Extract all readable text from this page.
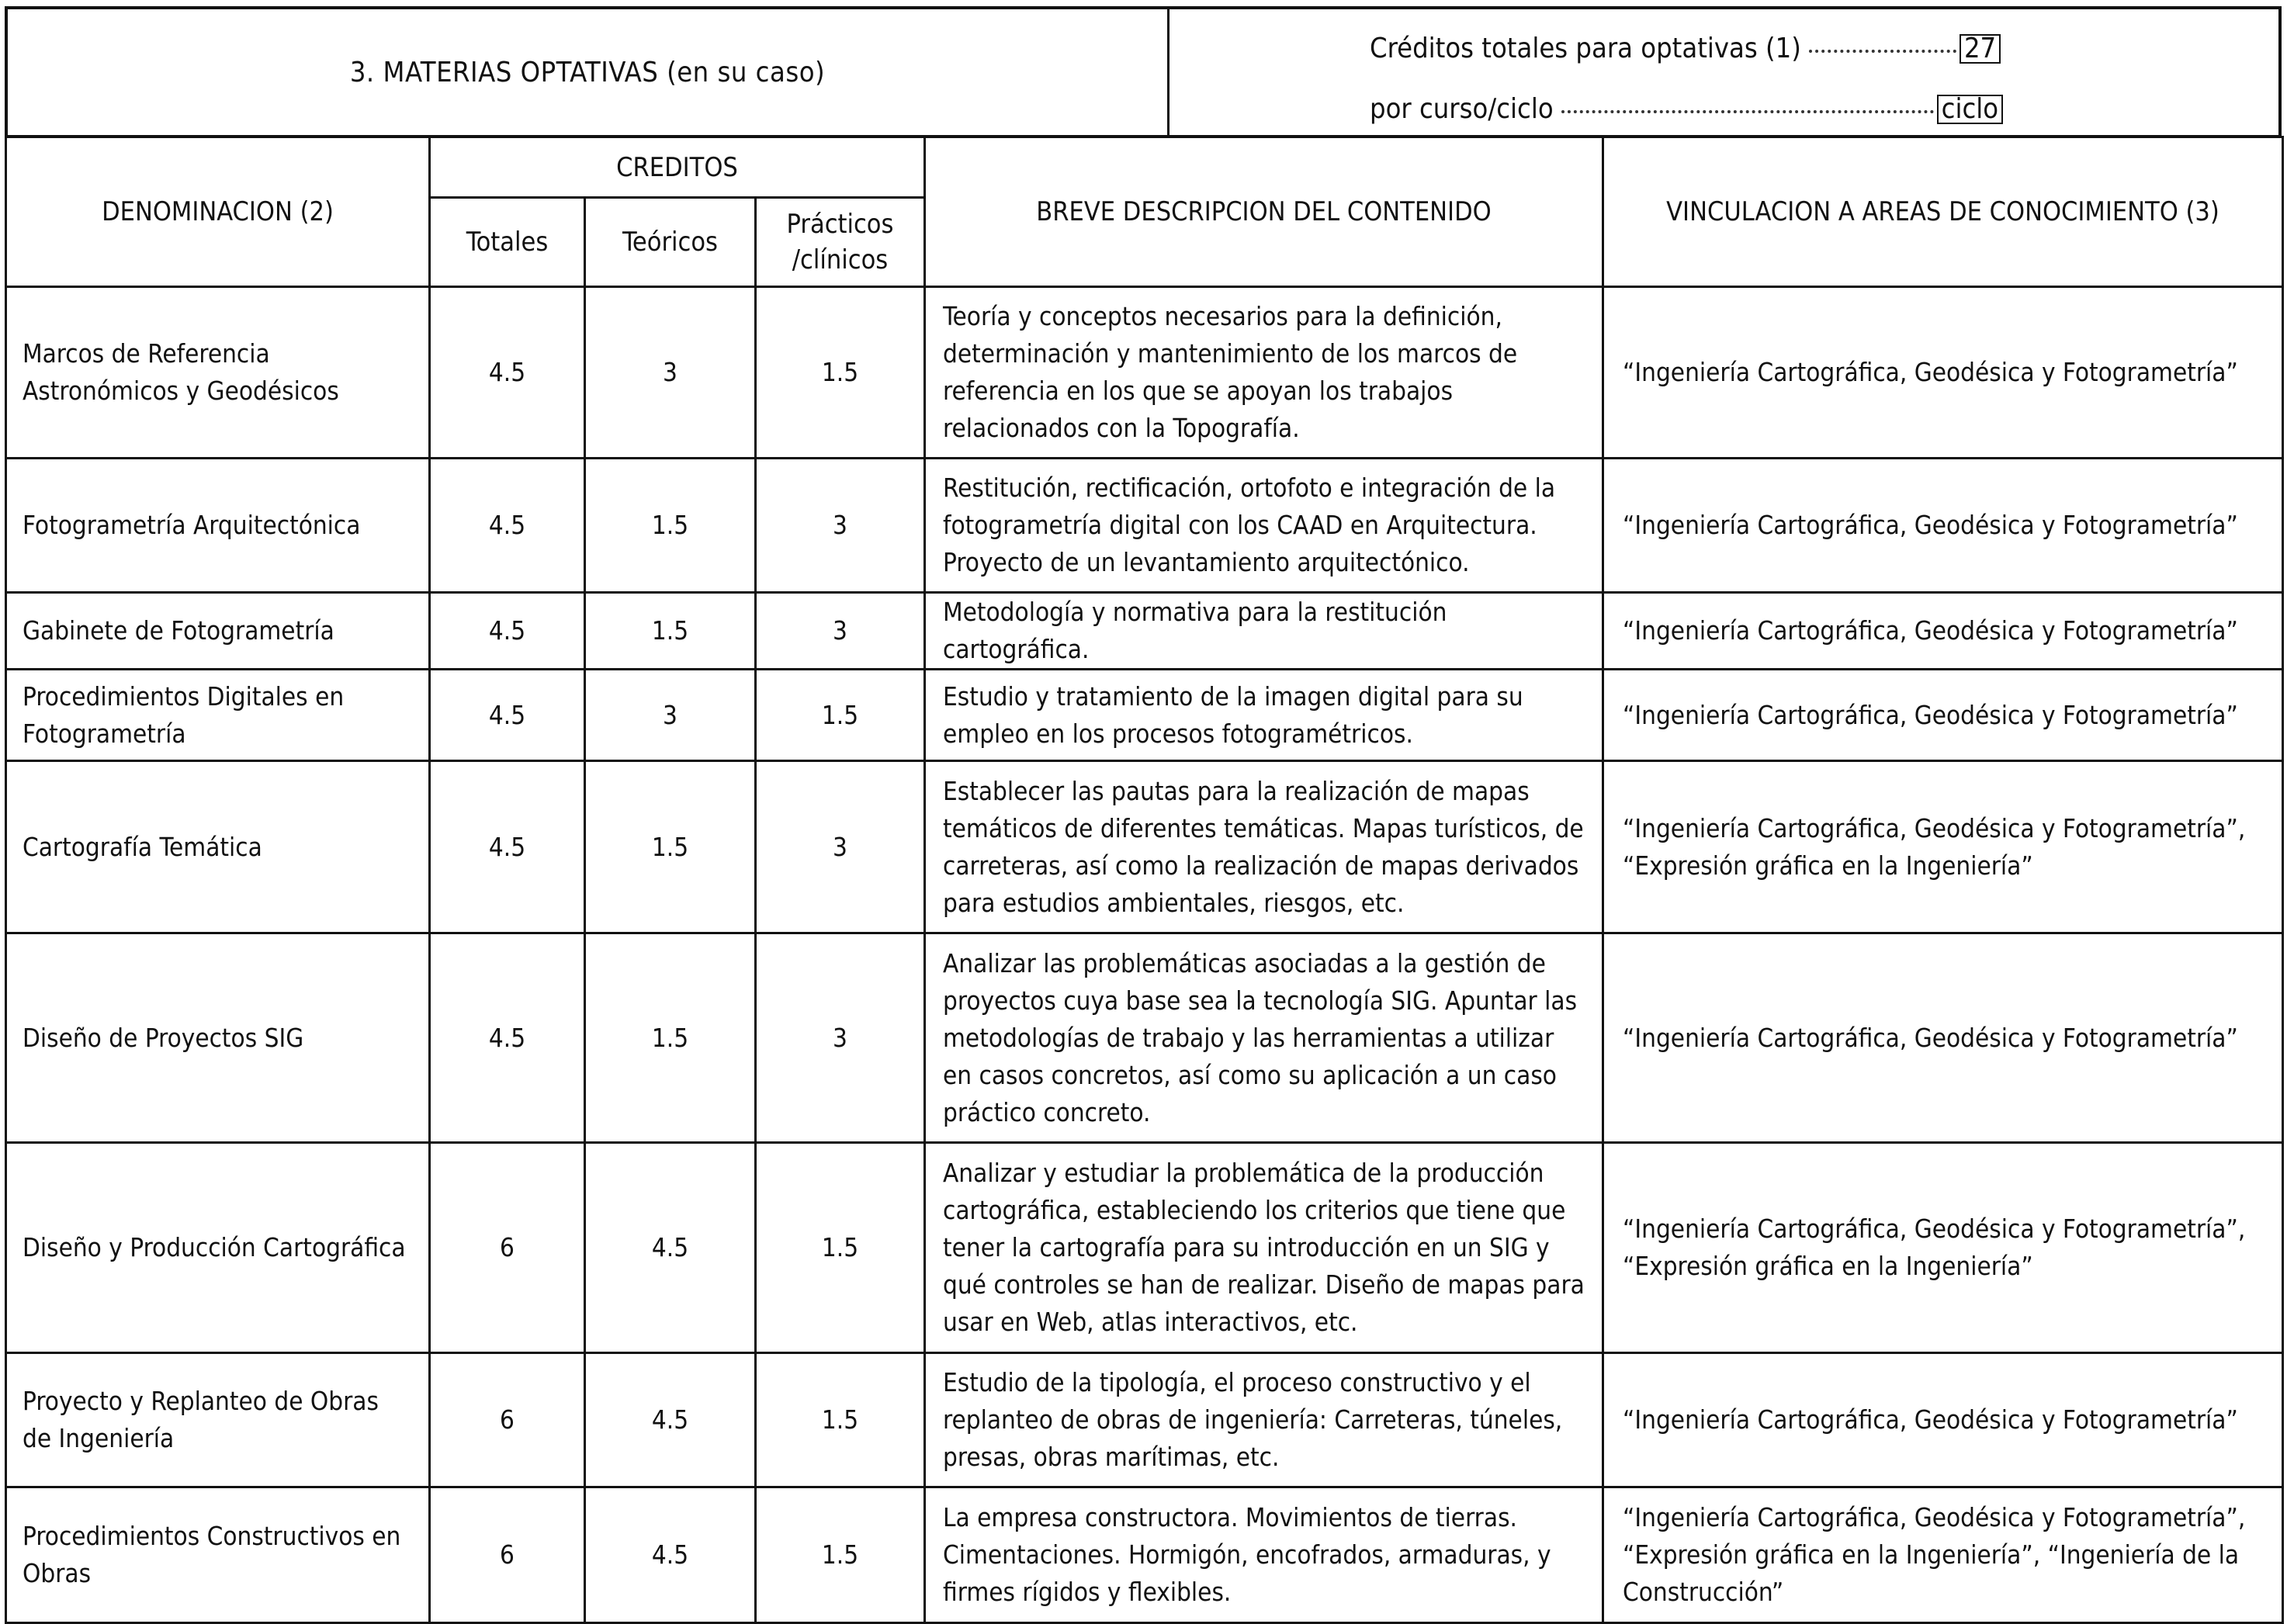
3. MATERIAS OPTATIVAS (en su caso)
Créditos totales para optativas (1)	27
por curso/ciclo	ciclo
DENOMINACION (2)	CREDITOS			BREVE DESCRIPCION DEL CONTENIDO	VINCULACION A AREAS DE CONOCIMIENTO (3)
	Totales	Teóricos	Prácticos /clínicos		
Marcos de Referencia Astronómicos y Geodésicos	4.5	3	1.5	Teoría y conceptos necesarios para la definición, determinación y mantenimiento de los marcos de referencia en los que se apoyan los trabajos relacionados con la Topografía.	“Ingeniería Cartográfica, Geodésica y Fotogrametría”
Fotogrametría Arquitectónica	4.5	1.5	3	Restitución, rectificación, ortofoto e integración de la fotogrametría digital con los CAAD en Arquitectura. Proyecto de un levantamiento arquitectónico.	“Ingeniería Cartográfica, Geodésica y Fotogrametría”
Gabinete de Fotogrametría	4.5	1.5	3	Metodología y normativa para la restitución cartográfica.	“Ingeniería Cartográfica, Geodésica y Fotogrametría”
Procedimientos Digitales en Fotogrametría	4.5	3	1.5	Estudio y tratamiento de la imagen digital para su empleo en los procesos fotogramétricos.	“Ingeniería Cartográfica, Geodésica y Fotogrametría”
Cartografía Temática	4.5	1.5	3	Establecer las pautas para la realización de mapas temáticos de diferentes temáticas. Mapas turísticos, de carreteras, así como la realización de mapas derivados para estudios ambientales, riesgos, etc.	“Ingeniería Cartográfica, Geodésica y Fotogrametría”, “Expresión gráfica en la Ingeniería”
Diseño de Proyectos SIG	4.5	1.5	3	Analizar las problemáticas asociadas a la gestión de proyectos cuya base sea la tecnología SIG. Apuntar las metodologías de trabajo y las herramientas a utilizar en casos concretos, así como su aplicación a un caso práctico concreto.	“Ingeniería Cartográfica, Geodésica y Fotogrametría”
Diseño y Producción Cartográfica	6	4.5	1.5	Analizar y estudiar la problemática de la producción cartográfica, estableciendo los criterios que tiene que tener la cartografía para su introducción en un SIG y qué controles se han de realizar. Diseño de mapas para usar en Web, atlas interactivos, etc.	“Ingeniería Cartográfica, Geodésica y Fotogrametría”, “Expresión gráfica en la Ingeniería”
Proyecto y Replanteo de Obras de Ingeniería	6	4.5	1.5	Estudio de la tipología, el proceso constructivo y el replanteo de obras de ingeniería: Carreteras, túneles, presas, obras marítimas, etc.	“Ingeniería Cartográfica, Geodésica y Fotogrametría”
Procedimientos Constructivos en Obras	6	4.5	1.5	La empresa constructora. Movimientos de tierras. Cimentaciones. Hormigón, encofrados, armaduras, y firmes rígidos y flexibles.	“Ingeniería Cartográfica, Geodésica y Fotogrametría”, “Expresión gráfica en la Ingeniería”, “Ingeniería de la Construcción”
